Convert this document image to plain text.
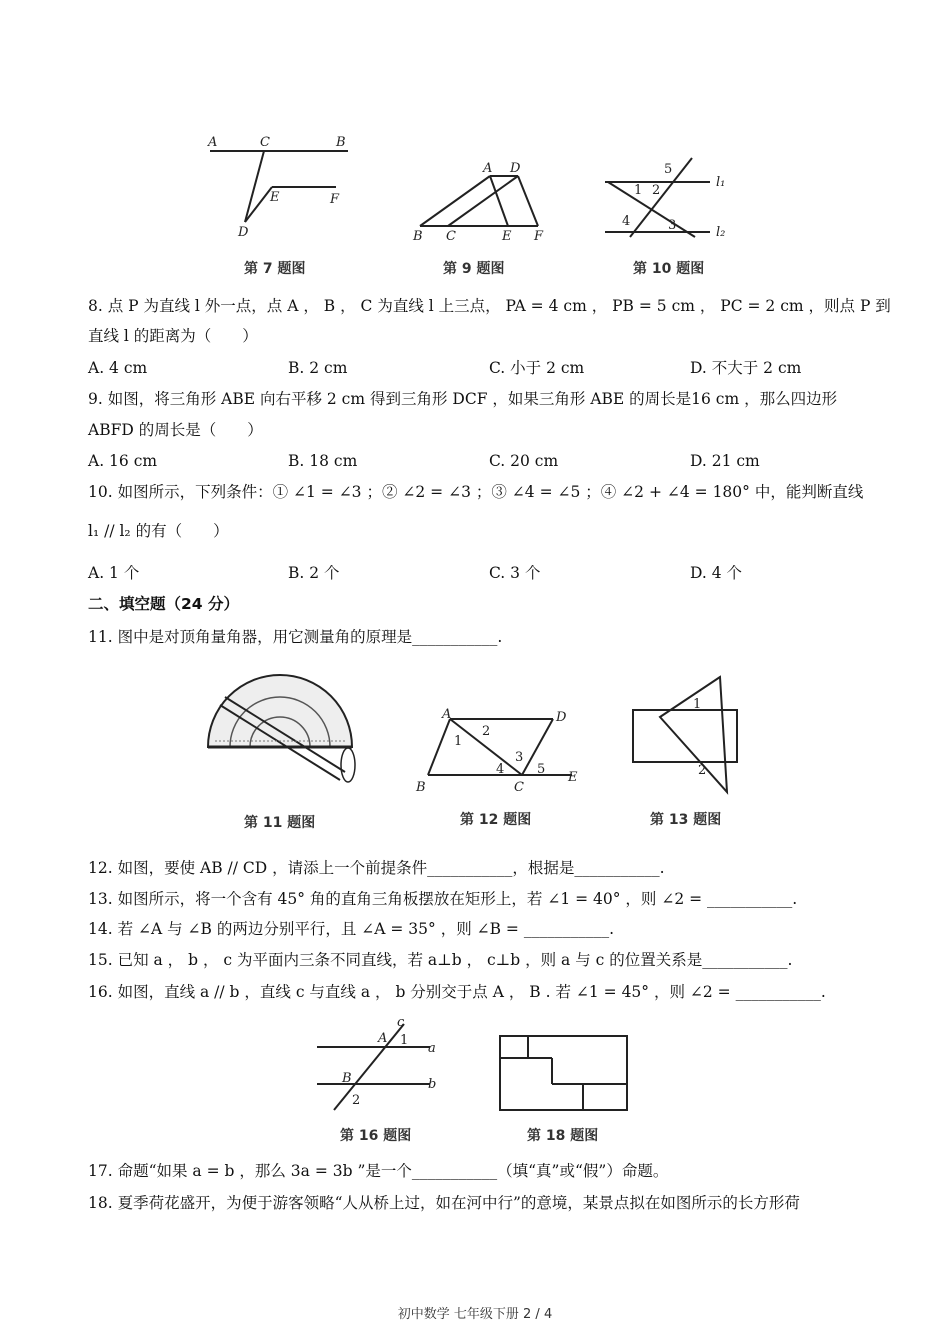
A	C	B
D
E	F
第 7 题图
A D
B C	E F
第 9 题图
5
1 2
4	3
l₁
l₂
第 10 题图
8. 点 P 为直线 l 外一点，点 A ， B ， C 为直线 l 上三点， PA = 4 cm ， PB = 5 cm ， PC = 2 cm ，则点 P 到
直线 l 的距离为（　　）
A. 4 cm	B. 2 cm	C. 小于 2 cm	D. 不大于 2 cm
9. 如图，将三角形 ABE 向右平移 2 cm 得到三角形 DCF ，如果三角形 ABE 的周长是16 cm ，那么四边形
ABFD 的周长是（　　）
A. 16 cm	B. 18 cm	C. 20 cm	D. 21 cm
10. 如图所示，下列条件：① ∠1 = ∠3 ；② ∠2 = ∠3 ；③ ∠4 = ∠5 ；④ ∠2 + ∠4 = 180° 中，能判断直线
l₁ // l₂ 的有（　　）
A. 1 个	B. 2 个	C. 3 个	D. 4 个
二、填空题（24 分）
11. 图中是对顶角量角器，用它测量角的原理是___________.
第 11 题图
A	D
B	C
E
1
2
3
4	5
第 12 题图
1
2
第 13 题图
12. 如图，要使 AB // CD ，请添上一个前提条件___________，根据是___________.
13. 如图所示，将一个含有 45° 角的直角三角板摆放在矩形上，若 ∠1 = 40° ，则 ∠2 = ___________.
14. 若 ∠A 与 ∠B 的两边分别平行，且 ∠A = 35° ，则 ∠B = ___________.
15. 已知 a ， b ， c 为平面内三条不同直线，若 a⊥b ， c⊥b ，则 a 与 c 的位置关系是___________.
16. 如图，直线 a // b ，直线 c 与直线 a ， b 分别交于点 A ， B . 若 ∠1 = 45° ，则 ∠2 = ___________.
c
A 1
a
B
2
b
第 16 题图	第 18 题图
17. 命题“如果 a = b ，那么 3a = 3b ”是一个___________（填“真”或“假”）命题。
18. 夏季荷花盛开，为便于游客领略“人从桥上过，如在河中行”的意境，某景点拟在如图所示的长方形荷
初中数学 七年级下册 2 / 4
